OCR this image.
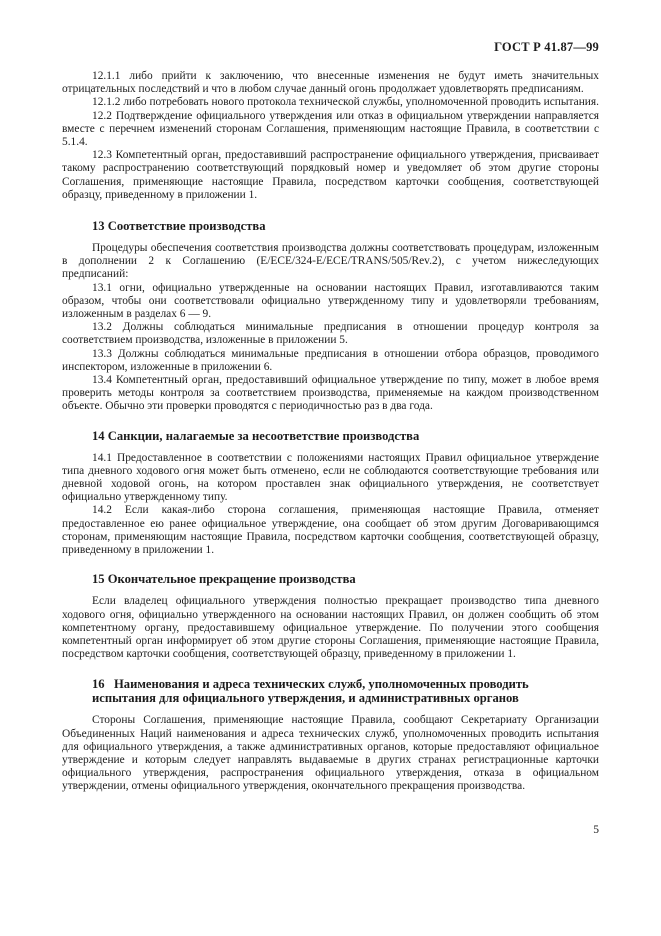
ГОСТ Р 41.87—99

12.1.1 либо прийти к заключению, что внесенные изменения не будут иметь значительных отрицательных последствий и что в любом случае данный огонь продолжает удовлетворять предписаниям.

12.1.2 либо потребовать нового протокола технической службы, уполномоченной проводить испытания.

12.2 Подтверждение официального утверждения или отказ в официальном утверждении направляется вместе с перечнем изменений сторонам Соглашения, применяющим настоящие Правила, в соответствии с 5.1.4.

12.3 Компетентный орган, предоставивший распространение официального утверждения, присваивает такому распространению соответствующий порядковый номер и уведомляет об этом другие стороны Соглашения, применяющие настоящие Правила, посредством карточки сообщения, соответствующей образцу, приведенному в приложении 1.

13 Соответствие производства

Процедуры обеспечения соответствия производства должны соответствовать процедурам, изложенным в дополнении 2 к Соглашению (E/ECE/324-E/ECE/TRANS/505/Rev.2), с учетом нижеследующих предписаний:

13.1 огни, официально утвержденные на основании настоящих Правил, изготавливаются таким образом, чтобы они соответствовали официально утвержденному типу и удовлетворяли требованиям, изложенным в разделах 6 — 9.

13.2 Должны соблюдаться минимальные предписания в отношении процедур контроля за соответствием производства, изложенные в приложении 5.

13.3 Должны соблюдаться минимальные предписания в отношении отбора образцов, проводимого инспектором, изложенные в приложении 6.

13.4 Компетентный орган, предоставивший официальное утверждение по типу, может в любое время проверить методы контроля за соответствием производства, применяемые на каждом производственном объекте. Обычно эти проверки проводятся с периодичностью раз в два года.

14 Санкции, налагаемые за несоответствие производства

14.1 Предоставленное в соответствии с положениями настоящих Правил официальное утверждение типа дневного ходового огня может быть отменено, если не соблюдаются соответствующие требования или дневной ходовой огонь, на котором проставлен знак официального утверждения, не соответствует официально утвержденному типу.

14.2 Если какая-либо сторона соглашения, применяющая настоящие Правила, отменяет предоставленное ею ранее официальное утверждение, она сообщает об этом другим Договаривающимся сторонам, применяющим настоящие Правила, посредством карточки сообщения, соответствующей образцу, приведенному в приложении 1.

15 Окончательное прекращение производства

Если владелец официального утверждения полностью прекращает производство типа дневного ходового огня, официально утвержденного на основании настоящих Правил, он должен сообщить об этом компетентному органу, предоставившему официальное утверждение. По получении этого сообщения компетентный орган информирует об этом другие стороны Соглашения, применяющие настоящие Правила, посредством карточки сообщения, соответствующей образцу, приведенному в приложении 1.

16 Наименования и адреса технических служб, уполномоченных проводить
испытания для официального утверждения, и административных органов

Стороны Соглашения, применяющие настоящие Правила, сообщают Секретариату Организации Объединенных Наций наименования и адреса технических служб, уполномоченных проводить испытания для официального утверждения, а также административных органов, которые предоставляют официальное утверждение и которым следует направлять выдаваемые в других странах регистрационные карточки официального утверждения, распространения официального утверждения, отказа в официальном утверждении, отмены официального утверждения, окончательного прекращения производства.

5
